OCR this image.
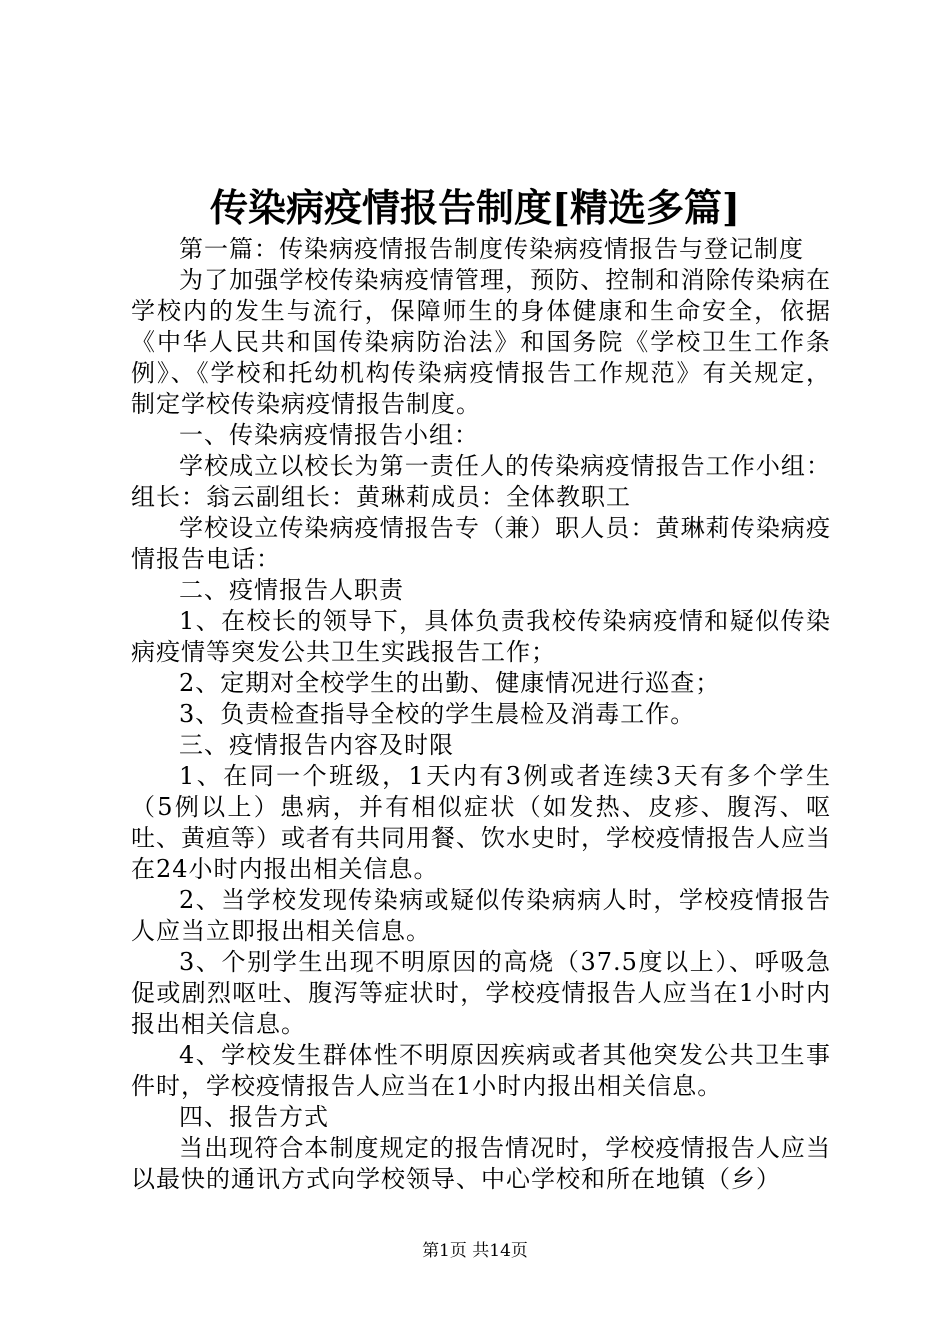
传染病疫情报告制度[精选多篇]

第一篇：传染病疫情报告制度传染病疫情报告与登记制度

为了加强学校传染病疫情管理，预防、控制和消除传染病在学校内的发生与流行，保障师生的身体健康和生命安全，依据《中华人民共和国传染病防治法》和国务院《学校卫生工作条例》、《学校和托幼机构传染病疫情报告工作规范》有关规定，制定学校传染病疫情报告制度。

一、传染病疫情报告小组：

学校成立以校长为第一责任人的传染病疫情报告工作小组：组长：翁云副组长：黄琳莉成员：全体教职工

学校设立传染病疫情报告专（兼）职人员：黄琳莉传染病疫情报告电话：

二、疫情报告人职责

1、在校长的领导下，具体负责我校传染病疫情和疑似传染病疫情等突发公共卫生实践报告工作；

2、定期对全校学生的出勤、健康情况进行巡查；

3、负责检查指导全校的学生晨检及消毒工作。

三、疫情报告内容及时限

1、在同一个班级，1天内有3例或者连续3天有多个学生（5例以上）患病，并有相似症状（如发热、皮疹、腹泻、呕吐、黄疸等）或者有共同用餐、饮水史时，学校疫情报告人应当在24小时内报出相关信息。

2、当学校发现传染病或疑似传染病病人时，学校疫情报告人应当立即报出相关信息。

3、个别学生出现不明原因的高烧（37.5度以上）、呼吸急促或剧烈呕吐、腹泻等症状时，学校疫情报告人应当在1小时内报出相关信息。

4、学校发生群体性不明原因疾病或者其他突发公共卫生事件时，学校疫情报告人应当在1小时内报出相关信息。

四、报告方式

当出现符合本制度规定的报告情况时，学校疫情报告人应当以最快的通讯方式向学校领导、中心学校和所在地镇（乡）

第1页 共14页
